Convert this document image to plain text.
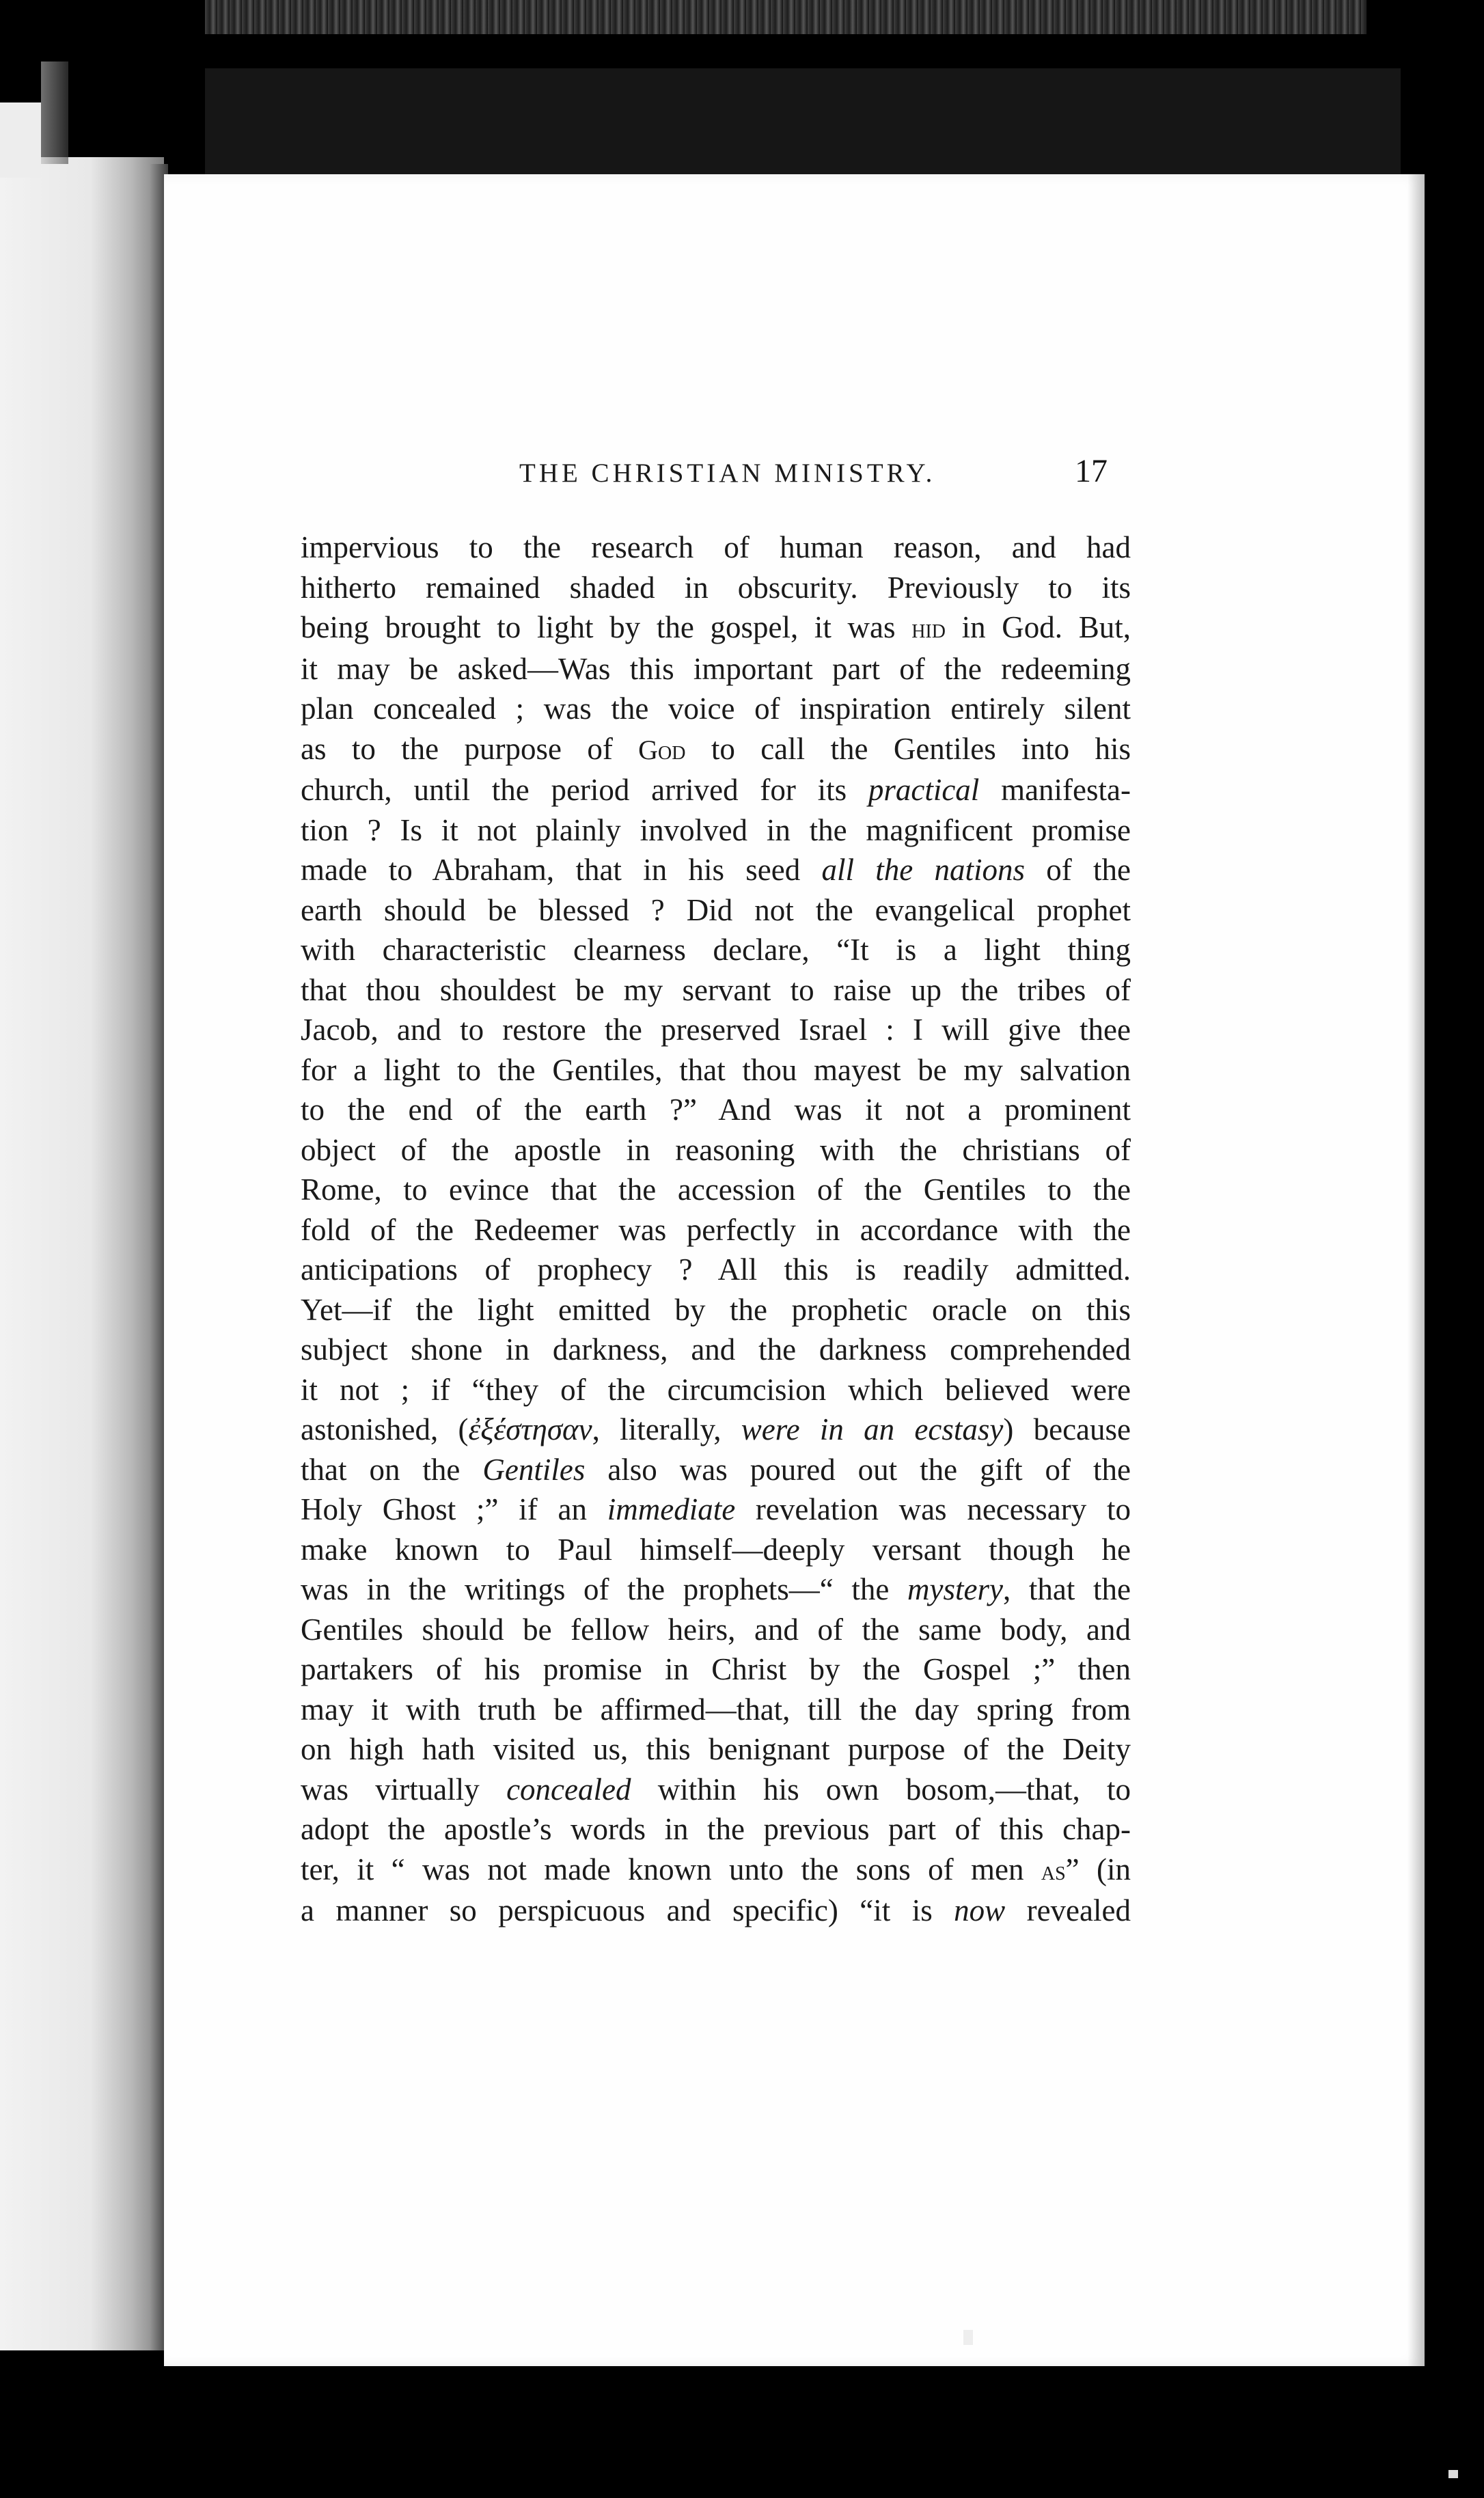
THE CHRISTIAN MINISTRY.	17
impervious to the research of human reason, and had
hitherto remained shaded in obscurity. Previously to its
being brought to light by the gospel, it was hid in God. But,
it may be asked—Was this important part of the redeeming
plan concealed ; was the voice of inspiration entirely silent
as to the purpose of God to call the Gentiles into his
church, until the period arrived for its practical manifesta-
tion ? Is it not plainly involved in the magnificent promise
made to Abraham, that in his seed all the nations of the
earth should be blessed ? Did not the evangelical prophet
with characteristic clearness declare, “It is a light thing
that thou shouldest be my servant to raise up the tribes of
Jacob, and to restore the preserved Israel : I will give thee
for a light to the Gentiles, that thou mayest be my salvation
to the end of the earth ?” And was it not a prominent
object of the apostle in reasoning with the christians of
Rome, to evince that the accession of the Gentiles to the
fold of the Redeemer was perfectly in accordance with the
anticipations of prophecy ? All this is readily admitted.
Yet—if the light emitted by the prophetic oracle on this
subject shone in darkness, and the darkness comprehended
it not ; if “they of the circumcision which believed were
astonished, (ἐξέστησαν, literally, were in an ecstasy) because
that on the Gentiles also was poured out the gift of the
Holy Ghost ;” if an immediate revelation was necessary to
make known to Paul himself—deeply versant though he
was in the writings of the prophets—“ the mystery, that the
Gentiles should be fellow heirs, and of the same body, and
partakers of his promise in Christ by the Gospel ;” then
may it with truth be affirmed—that, till the day spring from
on high hath visited us, this benignant purpose of the Deity
was virtually concealed within his own bosom,—that, to
adopt the apostle’s words in the previous part of this chap-
ter, it “ was not made known unto the sons of men as” (in
a manner so perspicuous and specific) “it is now revealed
